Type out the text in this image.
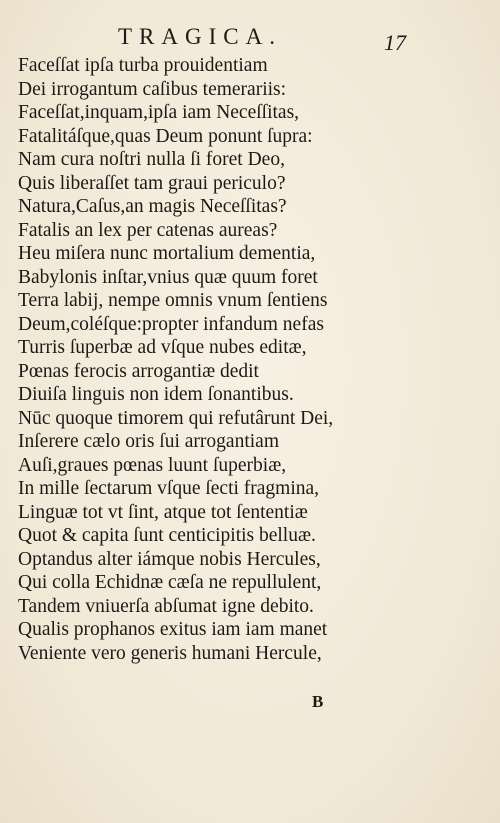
TRAGICA.	17
Faceſſat ipſa turba prouidentiam
Dei irrogantum caſibus temerariis:
Faceſſat,inquam,ipſa iam Neceſſitas,
Fatalitáſque,quas Deum ponunt ſupra:
Nam cura noſtri nulla ſi foret Deo,
Quis liberaſſet tam graui periculo?
Natura,Caſus,an magis Neceſſitas?
Fatalis an lex per catenas aureas?
Heu miſera nunc mortalium dementia,
Babylonis inſtar,vnius quæ quum foret
Terra labij, nempe omnis vnum ſentiens
Deum,coléſque:propter infandum nefas
Turris ſuperbæ ad vſque nubes editæ,
Pœnas ferocis arrogantiæ dedit
Diuiſa linguis non idem ſonantibus.
Nūc quoque timorem qui refutârunt Dei,
Inſerere cælo oris ſui arrogantiam
Auſi,graues pœnas luunt ſuperbiæ,
In mille ſectarum vſque ſecti fragmina,
Linguæ tot vt ſint, atque tot ſententiæ
Quot & capita ſunt centicipitis belluæ.
Optandus alter iámque nobis Hercules,
Qui colla Echidnæ cæſa ne repullulent,
Tandem vniuerſa abſumat igne debito.
Qualis prophanos exitus iam iam manet
Veniente vero generis humani Hercule,
B
